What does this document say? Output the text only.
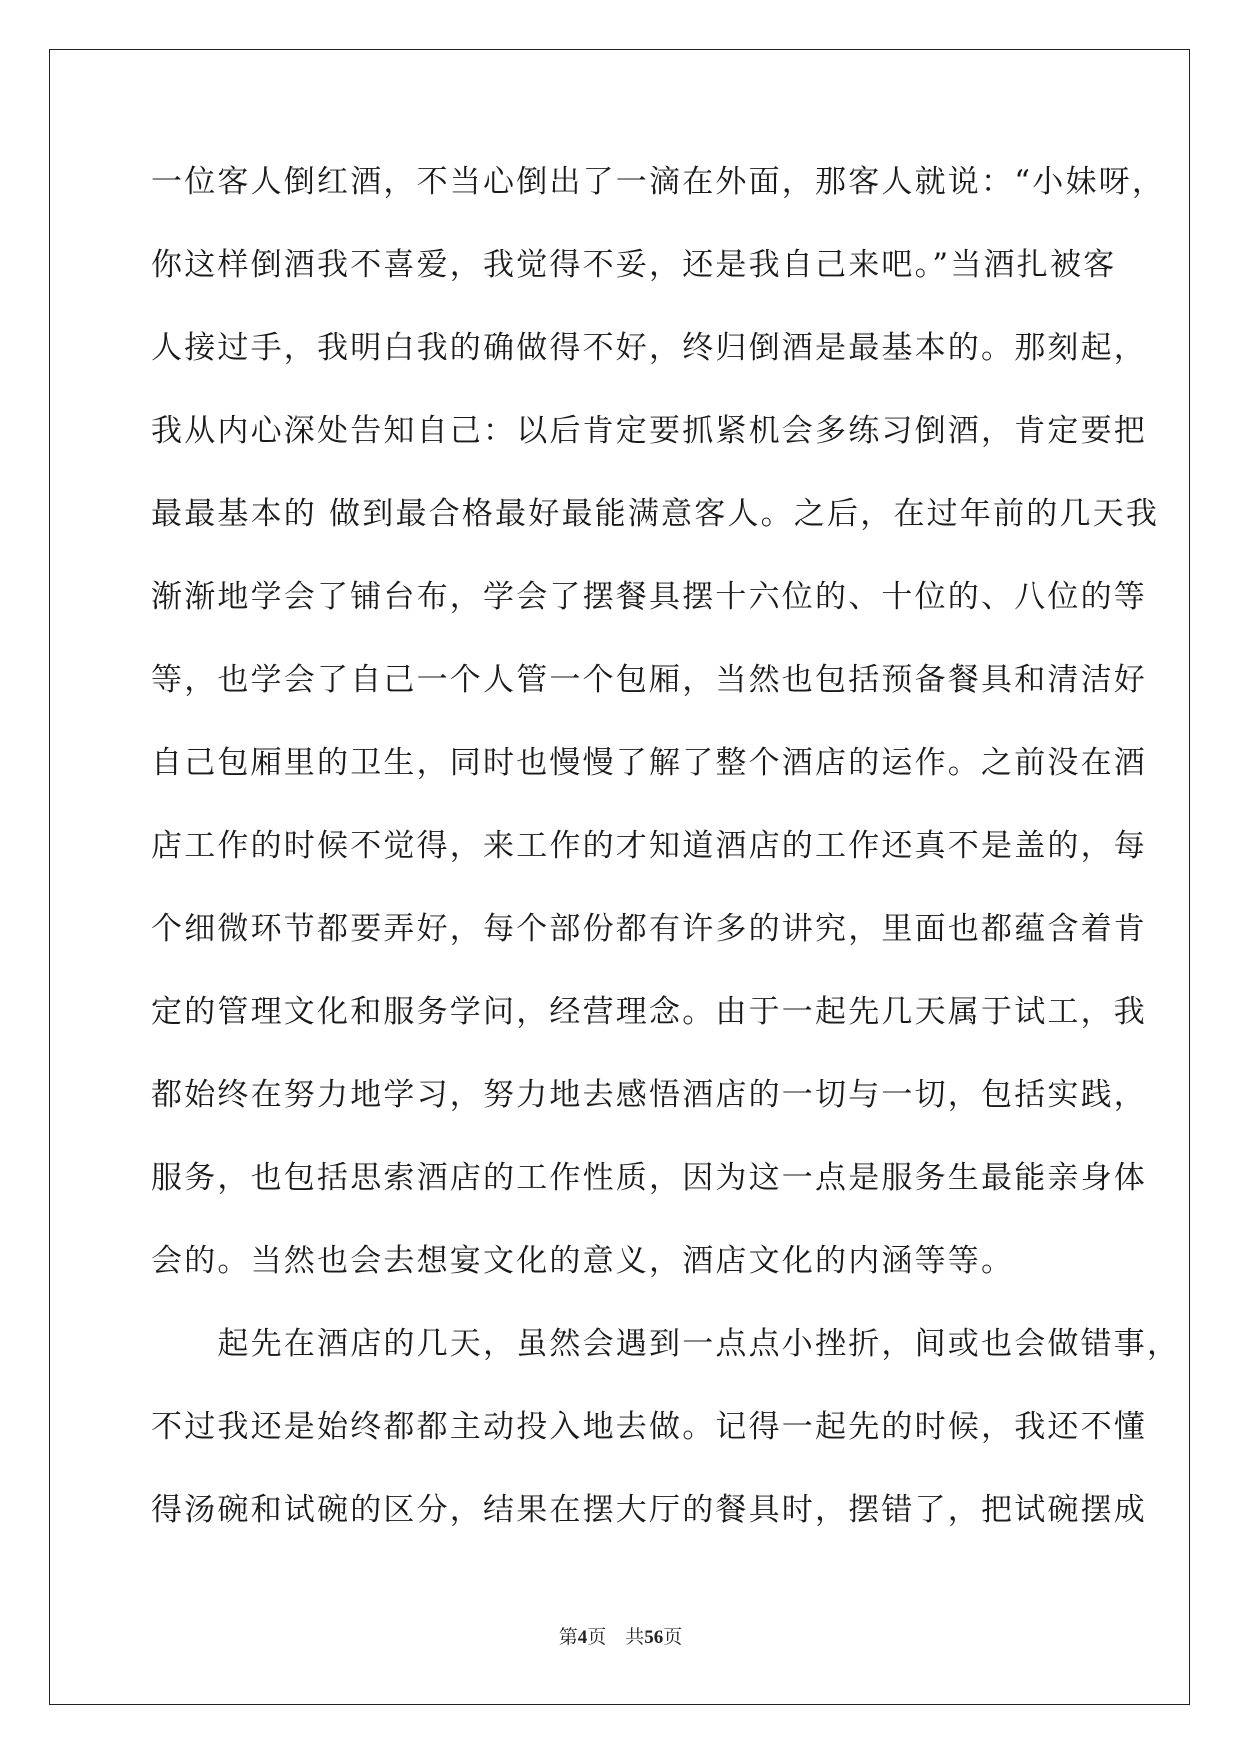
一位客人倒红酒，不当心倒出了一滴在外面，那客人就说：“小妹呀，
你这样倒酒我不喜爱，我觉得不妥，还是我自己来吧。”当酒扎被客
人接过手，我明白我的确做得不好，终归倒酒是最基本的。那刻起，
我从内心深处告知自己：以后肯定要抓紧机会多练习倒酒，肯定要把
最最基本的 做到最合格最好最能满意客人。之后，在过年前的几天我
渐渐地学会了铺台布，学会了摆餐具摆十六位的、十位的、八位的等
等，也学会了自己一个人管一个包厢，当然也包括预备餐具和清洁好
自己包厢里的卫生，同时也慢慢了解了整个酒店的运作。之前没在酒
店工作的时候不觉得，来工作的才知道酒店的工作还真不是盖的，每
个细微环节都要弄好，每个部份都有许多的讲究，里面也都蕴含着肯
定的管理文化和服务学问，经营理念。由于一起先几天属于试工，我
都始终在努力地学习，努力地去感悟酒店的一切与一切，包括实践，
服务，也包括思索酒店的工作性质，因为这一点是服务生最能亲身体
会的。当然也会去想宴文化的意义，酒店文化的内涵等等。
　　起先在酒店的几天，虽然会遇到一点点小挫折，间或也会做错事，
不过我还是始终都都主动投入地去做。记得一起先的时候，我还不懂
得汤碗和试碗的区分，结果在摆大厅的餐具时，摆错了，把试碗摆成
第4页　共56页
